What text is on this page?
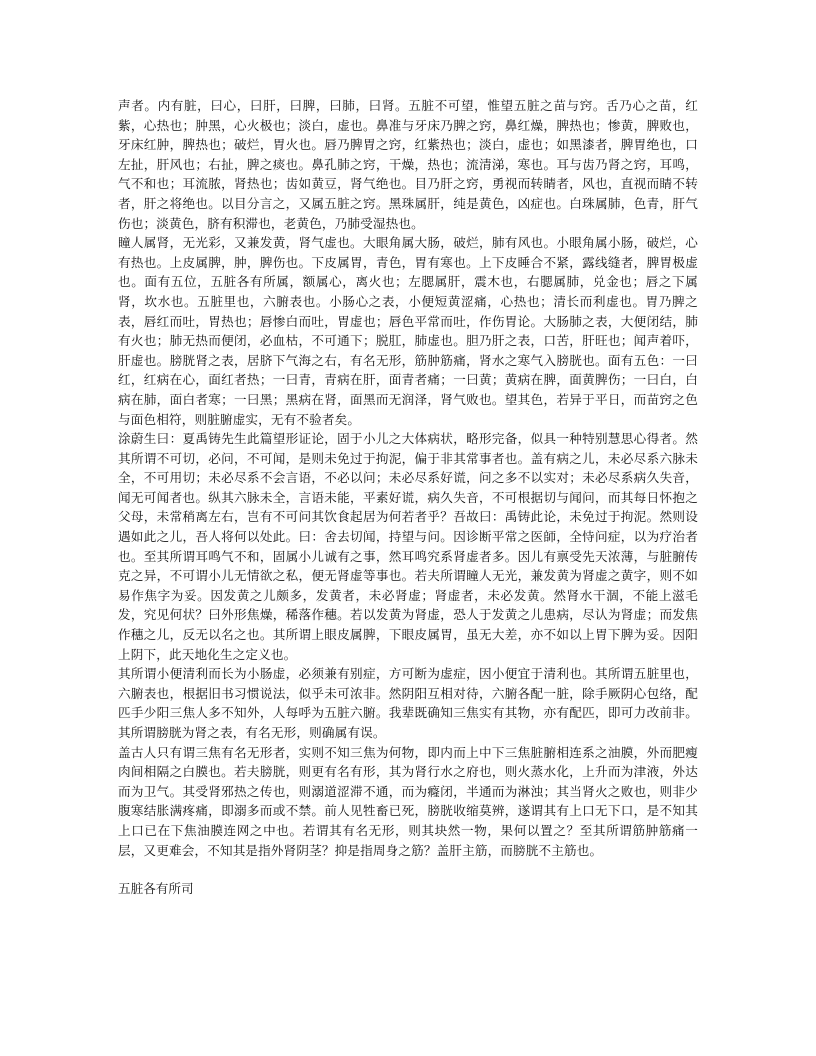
声者。内有脏，曰心，曰肝，曰脾，曰肺，曰肾。五脏不可望，惟望五脏之苗与窍。舌乃心之苗，红紫，心热也；肿黑，心火极也；淡白，虚也。鼻准与牙床乃脾之窍，鼻红燥，脾热也；惨黄，脾败也，牙床红肿，脾热也；破烂，胃火也。唇乃脾胃之窍，红紫热也；淡白，虚也；如黑漆者，脾胃绝也，口左扯，肝风也；右扯，脾之痰也。鼻孔肺之窍，干燥，热也；流清涕，寒也。耳与齿乃肾之窍，耳鸣，气不和也；耳流脓，肾热也；齿如黄豆，肾气绝也。目乃肝之窍，勇视而转睛者，风也，直视而睛不转者，肝之将绝也。以目分言之，又属五脏之窍。黑珠属肝，纯是黄色，凶症也。白珠属肺，色青，肝气伤也；淡黄色，脐有积滞也，老黄色，乃肺受湿热也。

瞳人属肾，无光彩，又兼发黄，肾气虚也。大眼角属大肠，破烂，肺有风也。小眼角属小肠，破烂，心有热也。上皮属脾，肿，脾伤也。下皮属胃，青色，胃有寒也。上下皮睡合不紧，露线缝者，脾胃极虚也。面有五位，五脏各有所属，额属心，离火也；左腮属肝，震木也，右腮属肺，兑金也；唇之下属肾，坎水也。五脏里也，六腑表也。小肠心之表，小便短黄涩痛，心热也；清长而利虚也。胃乃脾之表，唇红而吐，胃热也；唇惨白而吐，胃虚也；唇色平常而吐，作伤胃论。大肠肺之表，大便闭结，肺有火也；肺无热而便闭，必血枯，不可通下；脱肛，肺虚也。胆乃肝之表，口苦，肝旺也；闻声着吓，肝虚也。膀胱肾之表，居脐下气海之右，有名无形，筋肿筋痛，肾水之寒气入膀胱也。面有五色：一曰红，红病在心，面红者热；一曰青，青病在肝，面青者痛；一曰黄；黄病在脾，面黄脾伤；一曰白，白病在肺，面白者寒；一曰黑；黑病在肾，面黑而无润泽，肾气败也。望其色，若异于平日，而苗窍之色与面色相符，则脏腑虚实，无有不验者矣。

涂蔚生曰：夏禹铸先生此篇望形证论，固于小儿之大体病状，略形完备，似具一种特别慧思心得者。然其所谓不可切，必问，不可闻，是则未免过于拘泥，偏于非其常事者也。盖有病之儿，未必尽系六脉未全，不可用切；未必尽系不会言语，不必以问；未必尽系好谎，问之多不以实对；未必尽系病久失音，闻无可闻者也。纵其六脉未全，言语未能，平素好谎，病久失音，不可根据切与闻问，而其每日怀抱之父母，未常稍离左右，岂有不可问其饮食起居为何若者乎？吾故曰：禹铸此论，未免过于拘泥。然则设遇如此之儿，吾人将何以处此。曰：舍去切闻，持望与问。因诊断平常之医師，全恃问症，以为疗治者也。至其所谓耳鸣气不和，固属小儿诚有之事，然耳鸣究系肾虚者多。因儿有禀受先天浓薄，与脏腑传克之异，不可谓小儿无情欲之私，便无肾虚等事也。若夫所谓瞳人无光，兼发黄为肾虚之黄字，则不如易作焦字为妥。因发黄之儿颇多，发黄者，未必肾虚；肾虚者，未必发黄。然肾水干涸，不能上滋毛发，究见何状？曰外形焦燥，稀落作穗。若以发黄为肾虚，恐人于发黄之儿患病，尽认为肾虚；而发焦作穗之儿，反无以名之也。其所谓上眼皮属脾，下眼皮属胃，虽无大差，亦不如以上胃下脾为妥。因阳上阴下，此天地化生之定义也。

其所谓小便清利而长为小肠虚，必须兼有别症，方可断为虚症，因小便宜于清利也。其所谓五脏里也，六腑表也，根据旧书习惯说法，似乎未可浓非。然阴阳互相对待，六腑各配一脏，除手厥阴心包络，配匹手少阳三焦人多不知外，人每呼为五脏六腑。我辈既确知三焦实有其物，亦有配匹，即可力改前非。其所谓膀胱为肾之表，有名无形，则确属有误。

盖古人只有谓三焦有名无形者，实则不知三焦为何物，即内而上中下三焦脏腑相连系之油膜，外而肥瘦肉间相隔之白膜也。若夫膀胱，则更有名有形，其为肾行水之府也，则火蒸水化，上升而为津液，外达而为卫气。其受肾邪热之传也，则溺道涩滞不通，而为癃闭，半通而为淋浊；其当肾火之败也，则非少腹寒结胀满疼痛，即溺多而或不禁。前人见牲畜已死，膀胱收缩莫辨，遂谓其有上口无下口，是不知其上口已在下焦油膜连网之中也。若谓其有名无形，则其块然一物，果何以置之？至其所谓筋肿筋痛一层，又更难会，不知其是指外肾阴茎？抑是指周身之筋？盖肝主筋，而膀胱不主筋也。

五脏各有所司
